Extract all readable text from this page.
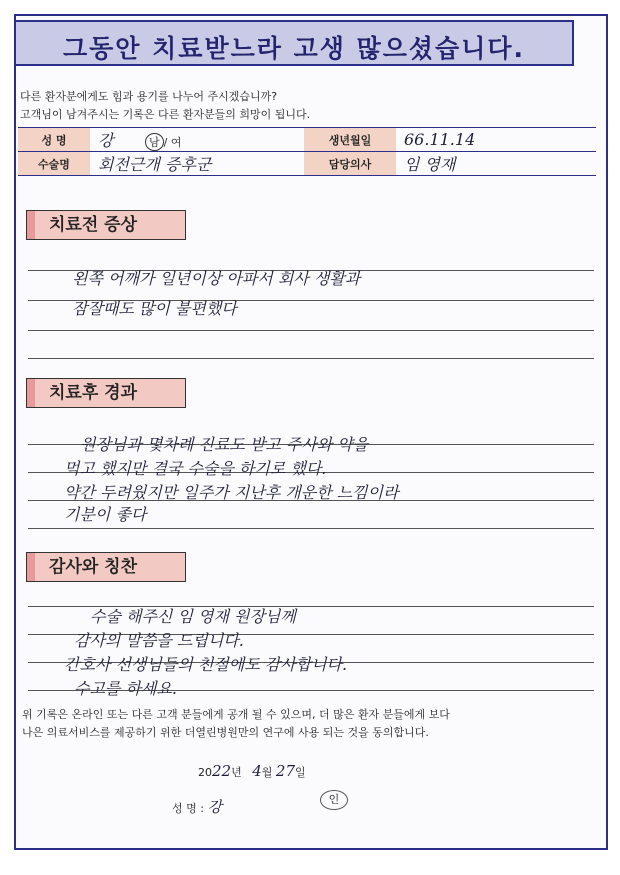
그동안 치료받느라 고생 많으셨습니다.
다른 환자분에게도 힘과 용기를 나누어 주시겠습니까?
고객님이 남겨주시는 기록은 다른 환자분들의 희망이 됩니다.
성 명	강 남 / 여	생년월일	66.11.14
수술명	회전근개 증후군	담당의사	임 영재
치료전 증상
왼쪽 어깨가 일년이상 아파서 회사 생활과
잠잘때도 많이 불편했다
치료후 경과
원장님과 몇차례 진료도 받고 주사와 약을
먹고 했지만 결국 수술을 하기로 했다.
약간 두려웠지만 일주가 지난후 개운한 느낌이라
기분이 좋다
감사와 칭찬
수술 해주신 임 영재 원장님께
감사의 말씀을 드립니다.
간호사 선생님들의 친절에도 감사합니다.
수고를 하세요.
위 기록은 온라인 또는 다른 고객 분들에게 공개 될 수 있으며, 더 많은 환자 분들에게 보다
나은 의료서비스를 제공하기 위한 더열린병원만의 연구에 사용 되는 것을 동의합니다.
2022년 4월 27일
성 명 : 강	인
